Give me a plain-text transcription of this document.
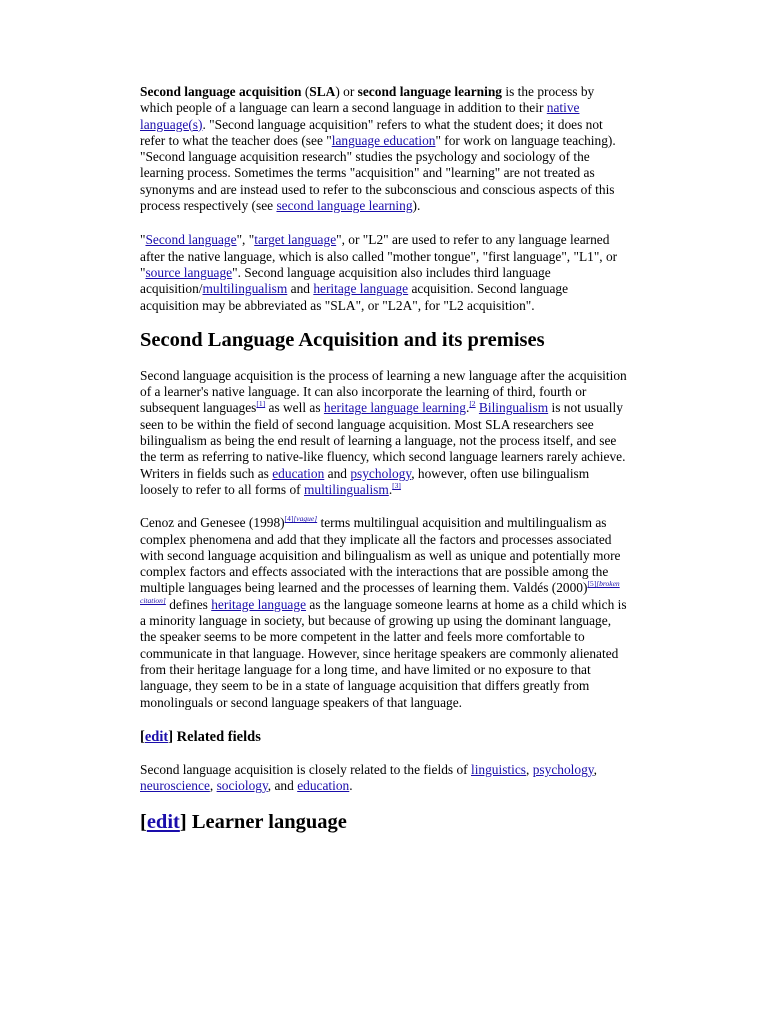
Second language acquisition (SLA) or second language learning is the process by which people of a language can learn a second language in addition to their native language(s). "Second language acquisition" refers to what the student does; it does not refer to what the teacher does (see "language education" for work on language teaching). "Second language acquisition research" studies the psychology and sociology of the learning process. Sometimes the terms "acquisition" and "learning" are not treated as synonyms and are instead used to refer to the subconscious and conscious aspects of this process respectively (see second language learning).

"Second language", "target language", or "L2" are used to refer to any language learned after the native language, which is also called "mother tongue", "first language", "L1", or "source language". Second language acquisition also includes third language acquisition/multilingualism and heritage language acquisition. Second language acquisition may be abbreviated as "SLA", or "L2A", for "L2 acquisition".

Second Language Acquisition and its premises

Second language acquisition is the process of learning a new language after the acquisition of a learner's native language. It can also incorporate the learning of third, fourth or subsequent languages[1] as well as heritage language learning.$^{[2}$ Bilingualism is not usually seen to be within the field of second language acquisition. Most SLA researchers see bilingualism as being the end result of learning a language, not the process itself, and see the term as referring to native-like fluency, which second language learners rarely achieve. Writers in fields such as education and psychology, however, often use bilingualism loosely to refer to all forms of multilingualism.[3]

Cenoz and Genesee (1998)[4][vague] terms multilingual acquisition and multilingualism as complex phenomena and add that they implicate all the factors and processes associated with second language acquisition and bilingualism as well as unique and potentially more complex factors and effects associated with the interactions that are possible among the multiple languages being learned and the processes of learning them. Valdés (2000)[5][broken citation] defines heritage language as the language someone learns at home as a child which is a minority language in society, but because of growing up using the dominant language, the speaker seems to be more competent in the latter and feels more comfortable to communicate in that language. However, since heritage speakers are commonly alienated from their heritage language for a long time, and have limited or no exposure to that language, they seem to be in a state of language acquisition that differs greatly from monolinguals or second language speakers of that language.

[edit] Related fields

Second language acquisition is closely related to the fields of linguistics, psychology, neuroscience, sociology, and education.

[edit] Learner language
